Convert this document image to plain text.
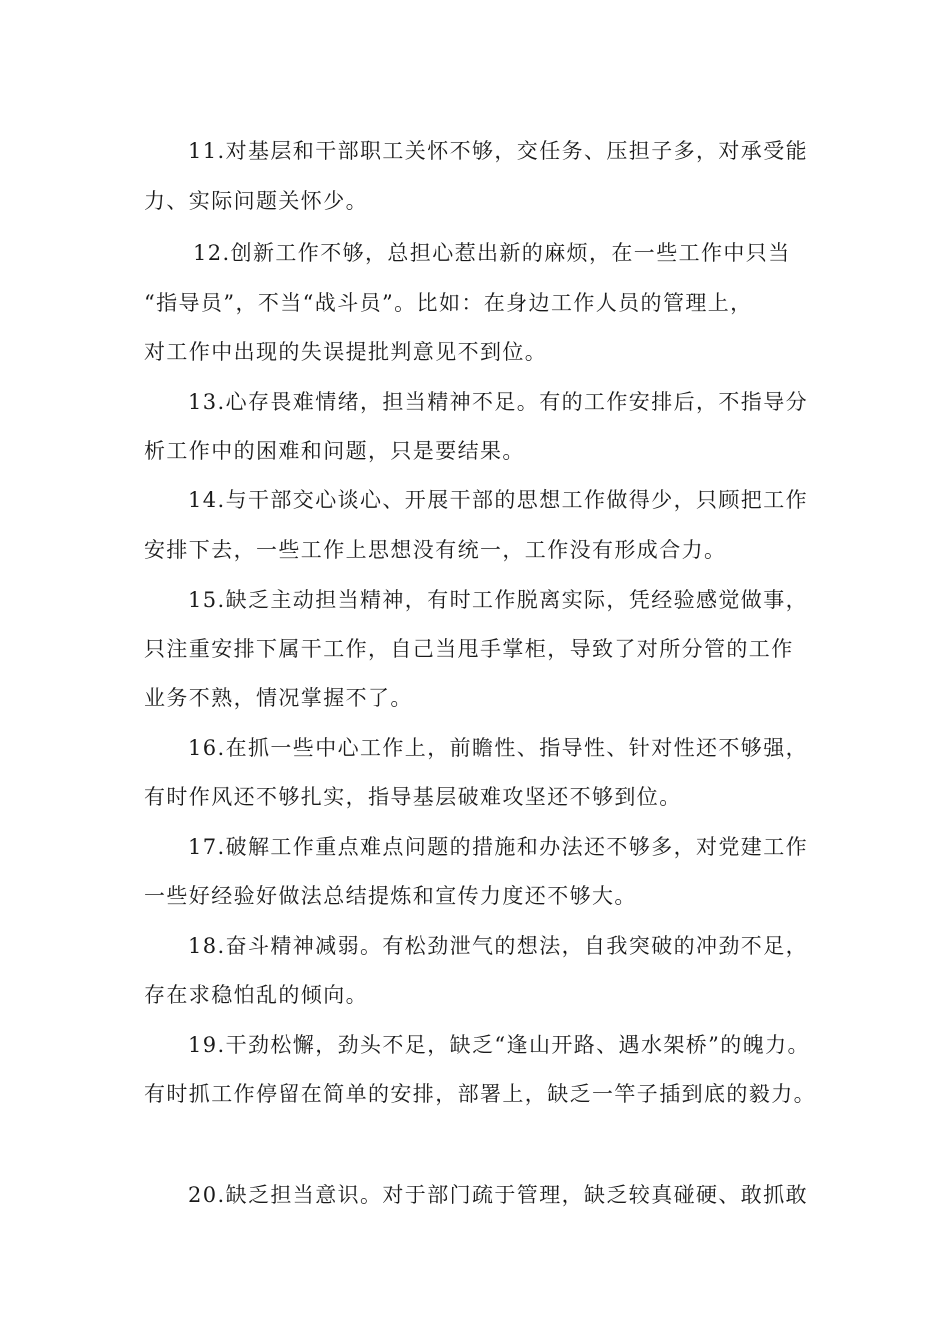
11.对基层和干部职工关怀不够，交任务、压担子多，对承受能
力、实际问题关怀少。
12.创新工作不够，总担心惹出新的麻烦，在一些工作中只当
“指导员”，不当“战斗员”。比如：在身边工作人员的管理上，
对工作中出现的失误提批判意见不到位。
13.心存畏难情绪，担当精神不足。有的工作安排后，不指导分
析工作中的困难和问题，只是要结果。
14.与干部交心谈心、开展干部的思想工作做得少，只顾把工作
安排下去，一些工作上思想没有统一，工作没有形成合力。
15.缺乏主动担当精神，有时工作脱离实际，凭经验感觉做事，
只注重安排下属干工作，自己当甩手掌柜，导致了对所分管的工作
业务不熟，情况掌握不了。
16.在抓一些中心工作上，前瞻性、指导性、针对性还不够强，
有时作风还不够扎实，指导基层破难攻坚还不够到位。
17.破解工作重点难点问题的措施和办法还不够多，对党建工作
一些好经验好做法总结提炼和宣传力度还不够大。
18.奋斗精神减弱。有松劲泄气的想法，自我突破的冲劲不足，
存在求稳怕乱的倾向。
19.干劲松懈，劲头不足，缺乏“逢山开路、遇水架桥”的魄力。
有时抓工作停留在简单的安排，部署上，缺乏一竿子插到底的毅力。
20.缺乏担当意识。对于部门疏于管理，缺乏较真碰硬、敢抓敢
